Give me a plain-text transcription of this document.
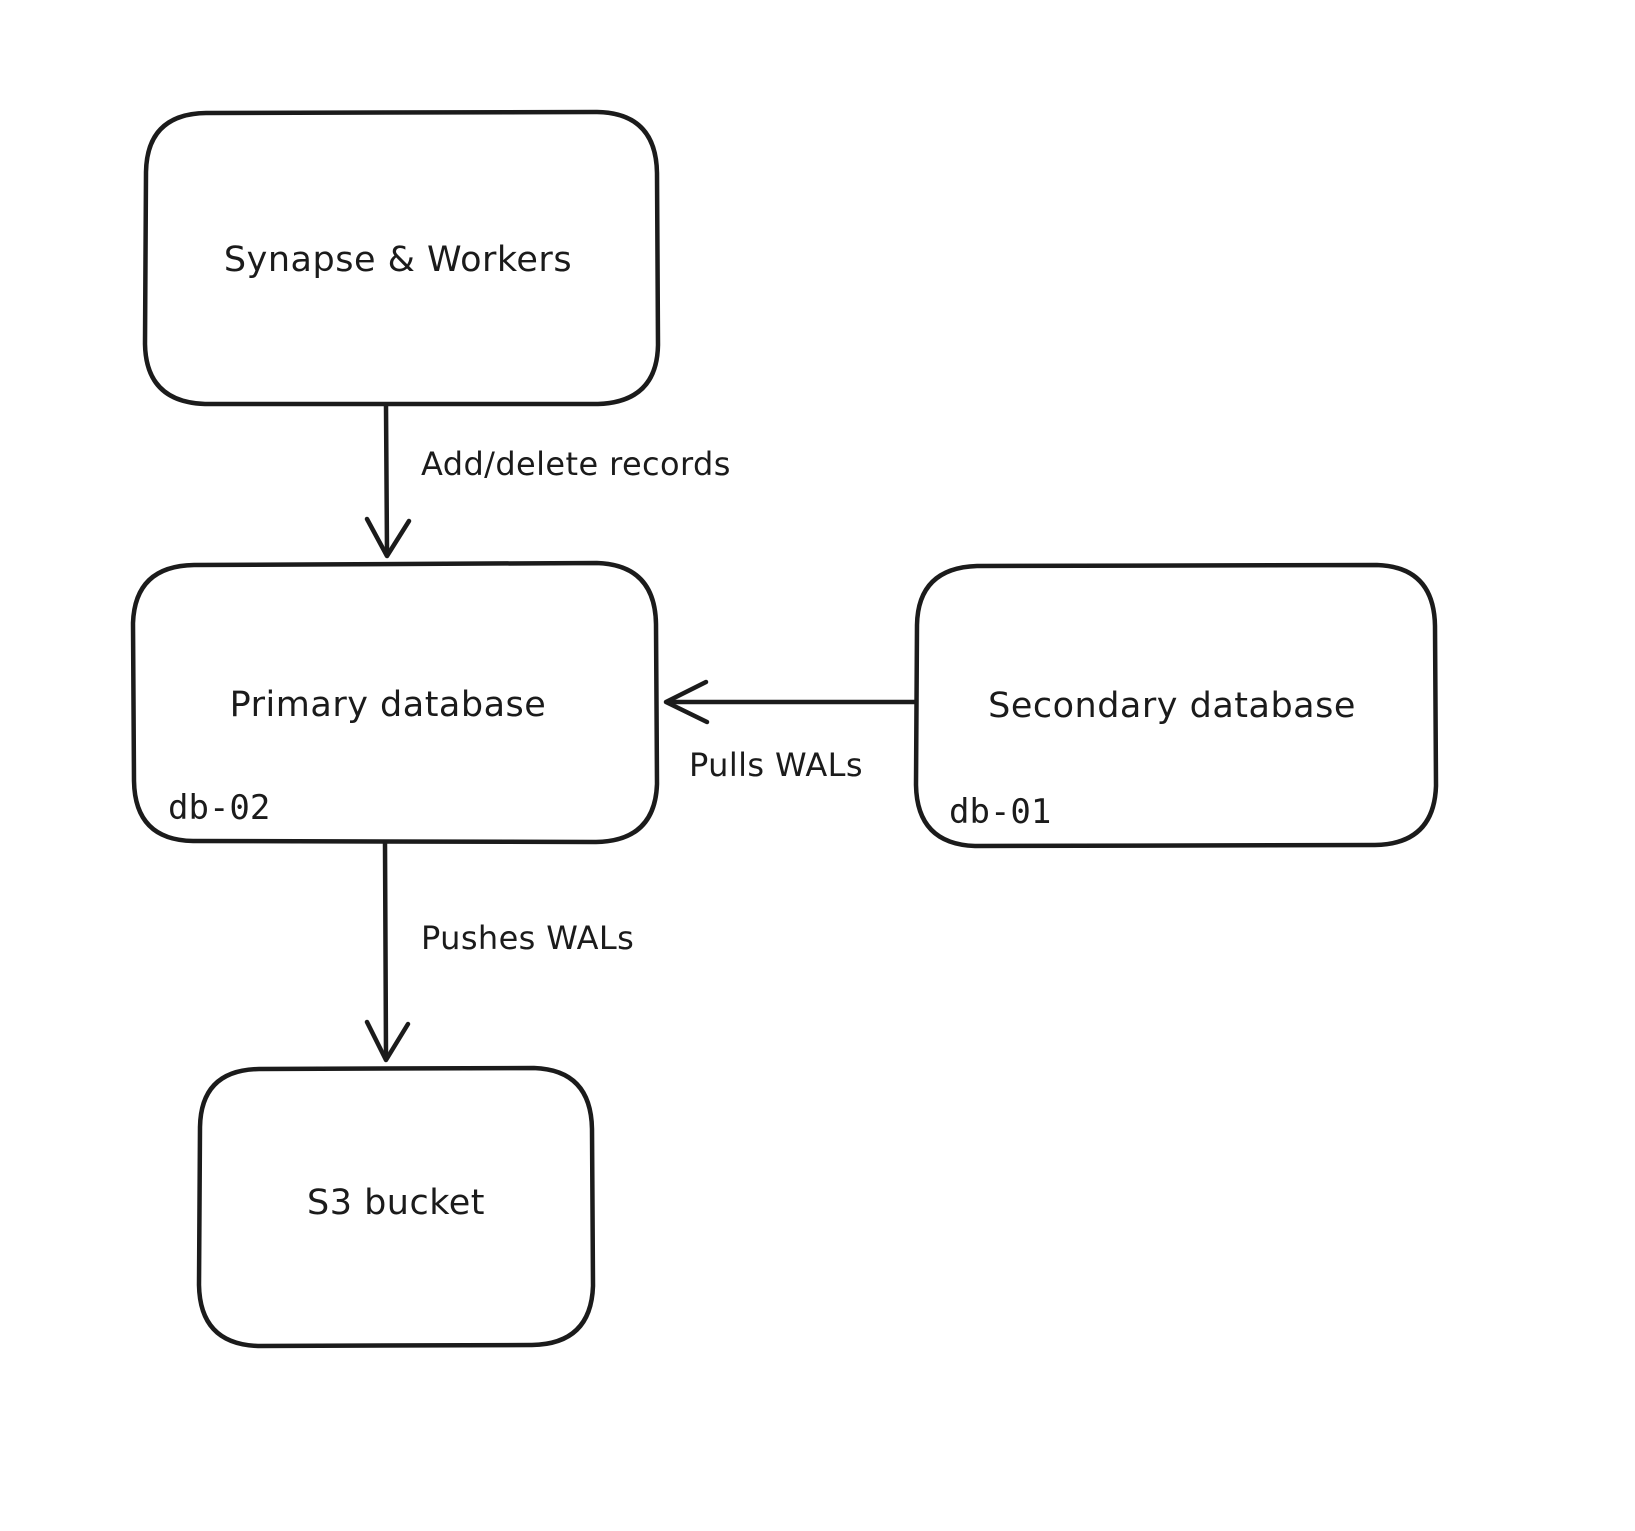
Synapse & Workers
Primary database
db-02
Secondary database
db-01
S3 bucket
Add/delete records
Pulls WALs
Pushes WALs
